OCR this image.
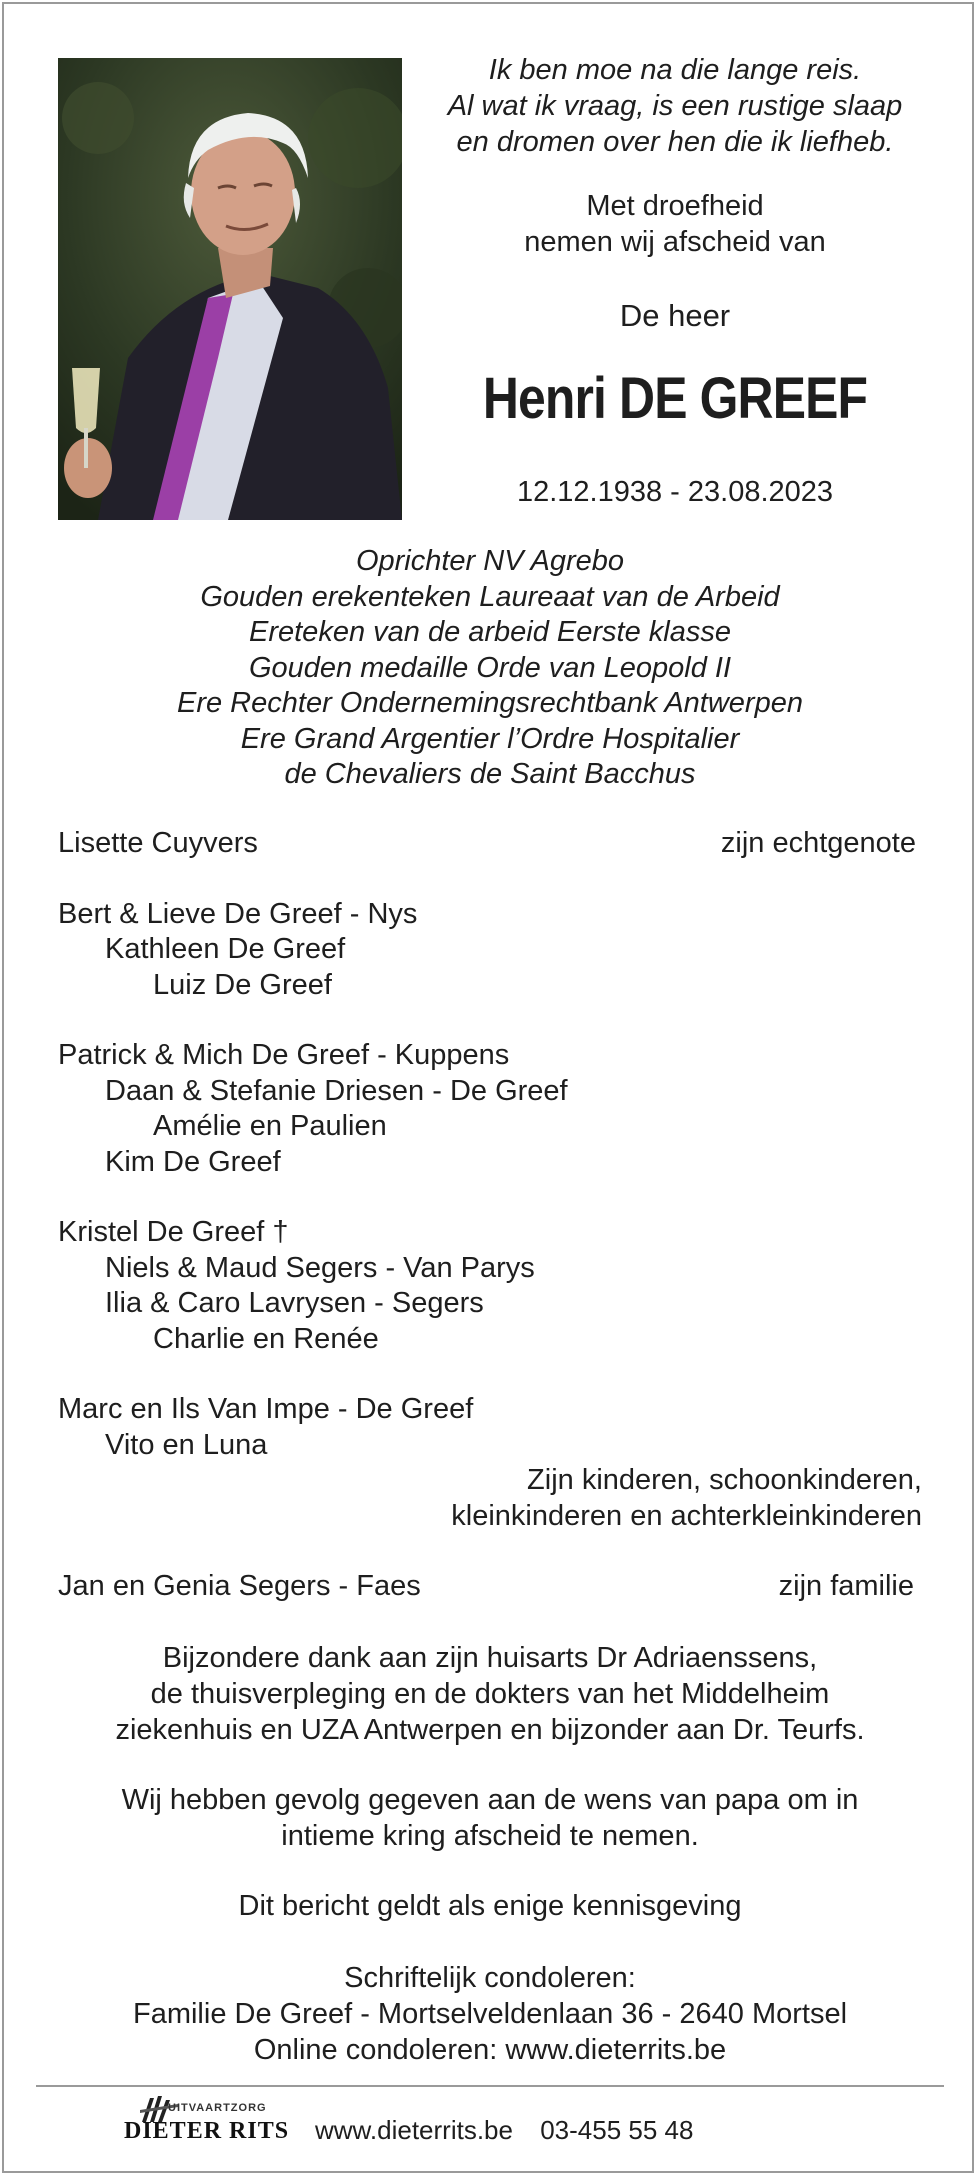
Ik ben moe na die lange reis.
Al wat ik vraag, is een rustige slaap
en dromen over hen die ik liefheb.
Met droefheid
nemen wij afscheid van
De heer
Henri DE GREEF
12.12.1938 - 23.08.2023
Oprichter NV Agrebo
Gouden erekenteken Laureaat van de Arbeid
Ereteken van de arbeid Eerste klasse
Gouden medaille Orde van Leopold II
Ere Rechter Ondernemingsrechtbank Antwerpen
Ere Grand Argentier l’Ordre Hospitalier
de Chevaliers de Saint Bacchus
Lisette Cuyvers	zijn echtgenote
Bert & Lieve De Greef - Nys
Kathleen De Greef
Luiz De Greef
Patrick & Mich De Greef - Kuppens
Daan & Stefanie Driesen - De Greef
Amélie en Paulien
Kim De Greef
Kristel De Greef †
Niels & Maud Segers - Van Parys
Ilia & Caro Lavrysen - Segers
Charlie en Renée
Marc en Ils Van Impe - De Greef
Vito en Luna
Zijn kinderen, schoonkinderen,
kleinkinderen en achterkleinkinderen
Jan en Genia Segers - Faes	zijn familie
Bijzondere dank aan zijn huisarts Dr Adriaenssens,
de thuisverpleging en de dokters van het Middelheim
ziekenhuis en UZA Antwerpen en bijzonder aan Dr. Teurfs.
Wij hebben gevolg gegeven aan de wens van papa om in
intieme kring afscheid te nemen.
Dit bericht geldt als enige kennisgeving
Schriftelijk condoleren:
Familie De Greef - Mortselveldenlaan 36 - 2640 Mortsel
Online condoleren: www.dieterrits.be
UITVAARTZORG
DIETER RITS www.dieterrits.be 03-455 55 48
